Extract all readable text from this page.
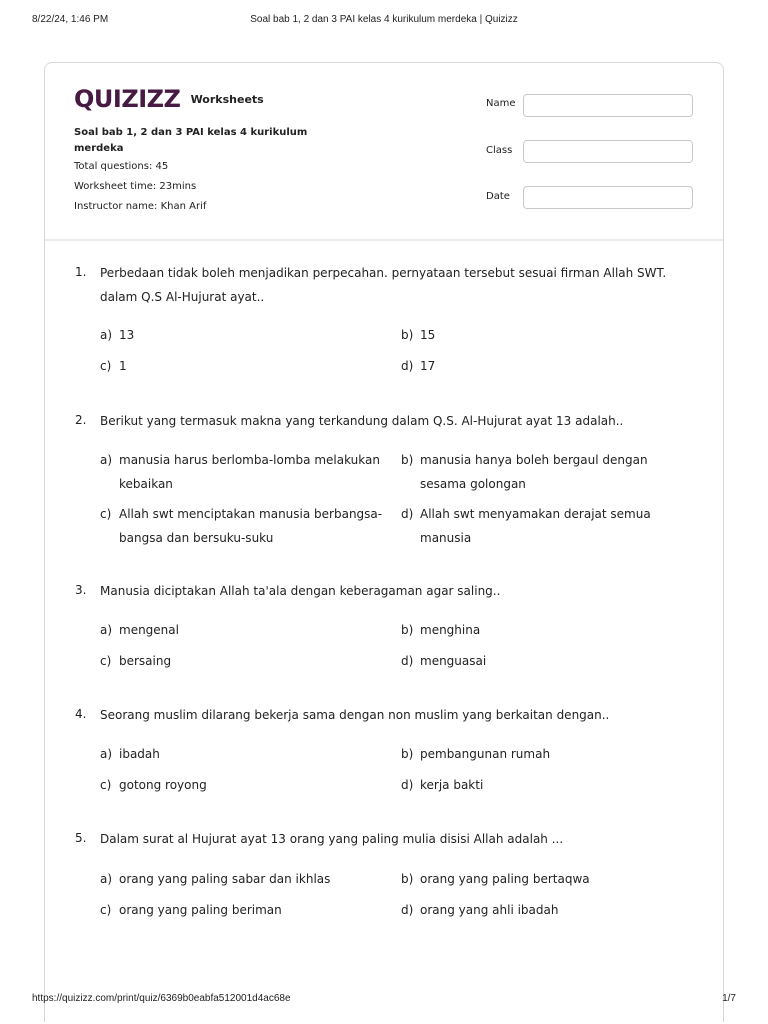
8/22/24, 1:46 PM	Soal bab 1, 2 dan 3 PAI kelas 4 kurikulum merdeka | Quizizz
QUIZIZZ Worksheets
Soal bab 1, 2 dan 3 PAI kelas 4 kurikulum merdeka
Total questions: 45
Worksheet time: 23mins
Instructor name: Khan Arif
Name
Class
Date
1. Perbedaan tidak boleh menjadikan perpecahan. pernyataan tersebut sesuai firman Allah SWT. dalam Q.S Al-Hujurat ayat..
a) 13	b) 15
c) 1	d) 17
2. Berikut yang termasuk makna yang terkandung dalam Q.S. Al-Hujurat ayat 13 adalah..
a) manusia harus berlomba-lomba melakukan kebaikan
b) manusia hanya boleh bergaul dengan sesama golongan
c) Allah swt menciptakan manusia berbangsa-bangsa dan bersuku-suku
d) Allah swt menyamakan derajat semua manusia
3. Manusia diciptakan Allah ta'ala dengan keberagaman agar saling..
a) mengenal	b) menghina
c) bersaing	d) menguasai
4. Seorang muslim dilarang bekerja sama dengan non muslim yang berkaitan dengan..
a) ibadah	b) pembangunan rumah
c) gotong royong	d) kerja bakti
5. Dalam surat al Hujurat ayat 13 orang yang paling mulia disisi Allah adalah ...
a) orang yang paling sabar dan ikhlas	b) orang yang paling bertaqwa
c) orang yang paling beriman	d) orang yang ahli ibadah
https://quizizz.com/print/quiz/6369b0eabfa512001d4ac68e	1/7
